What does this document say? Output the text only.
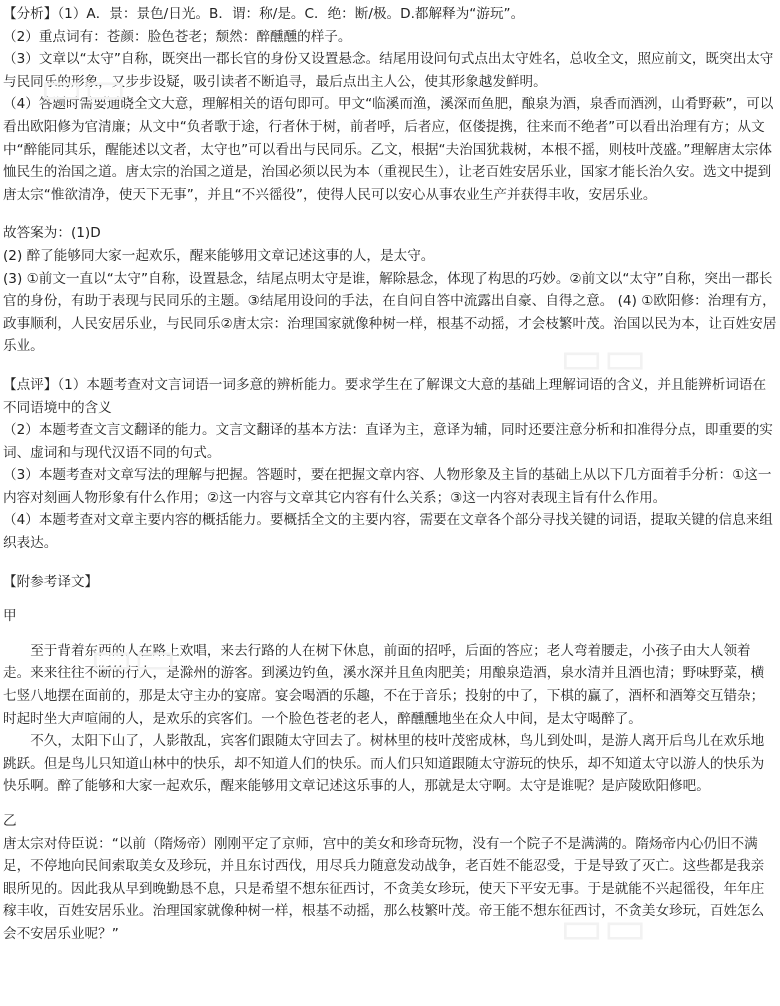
▭▭
▭▭
▭▭
▭▭

【分析】（1）A．景：景色/日光。B．谓：称/是。C．绝：断/极。D.都解释为“游玩”。

（2）重点词有：苍颜：脸色苍老；颓然：醉醺醺的样子。

（3）文章以“太守”自称，既突出一郡长官的身份又设置悬念。结尾用设问句式点出太守姓名，总收全文，照应前文，既突出太守与民同乐的形象，又步步设疑，吸引读者不断追寻，最后点出主人公，使其形象越发鲜明。

（4）答题时需要通晓全文大意，理解相关的语句即可。甲文“临溪而渔，溪深而鱼肥，酿泉为酒，泉香而酒洌，山肴野蔌”，可以看出欧阳修为官清廉；从文中“负者歌于途，行者休于树，前者呼，后者应，伛偻提携，往来而不绝者”可以看出治理有方；从文中“醉能同其乐，醒能述以文者，太守也”可以看出与民同乐。乙文，根据“夫治国犹栽树，本根不摇，则枝叶茂盛。”理解唐太宗体恤民生的治国之道。唐太宗的治国之道是，治国必须以民为本（重视民生），让老百姓安居乐业，国家才能长治久安。选文中提到唐太宗“惟欲清净，使天下无事”，并且“不兴徭役”，使得人民可以安心从事农业生产并获得丰收，安居乐业。

故答案为：(1)D

(2) 醉了能够同大家一起欢乐，醒来能够用文章记述这事的人，是太守。

(3) ①前文一直以“太守”自称，设置悬念，结尾点明太守是谁，解除悬念，体现了构思的巧妙。②前文以“太守”自称，突出一郡长官的身份，有助于表现与民同乐的主题。③结尾用设问的手法，在自问自答中流露出自豪、自得之意。 (4) ①欧阳修：治理有方，政事顺利，人民安居乐业，与民同乐②唐太宗：治理国家就像种树一样，根基不动摇，才会枝繁叶茂。治国以民为本，让百姓安居乐业。

【点评】（1）本题考查对文言词语一词多意的辨析能力。要求学生在了解课文大意的基础上理解词语的含义，并且能辨析词语在不同语境中的含义

（2）本题考查文言文翻译的能力。文言文翻译的基本方法：直译为主，意译为辅，同时还要注意分析和扣准得分点，即重要的实词、虚词和与现代汉语不同的句式。

（3）本题考查对文章写法的理解与把握。答题时，要在把握文章内容、人物形象及主旨的基础上从以下几方面着手分析：①这一内容对刻画人物形象有什么作用；②这一内容与文章其它内容有什么关系；③这一内容对表现主旨有什么作用。

（4）本题考查对文章主要内容的概括能力。要概括全文的主要内容，需要在文章各个部分寻找关键的词语，提取关键的信息来组织表达。

【附参考译文】

甲

至于背着东西的人在路上欢唱，来去行路的人在树下休息，前面的招呼，后面的答应；老人弯着腰走，小孩子由大人领着走。来来往往不断的行人，是滁州的游客。到溪边钓鱼，溪水深并且鱼肉肥美；用酿泉造酒，泉水清并且酒也清；野味野菜，横七竖八地摆在面前的，那是太守主办的宴席。宴会喝酒的乐趣，不在于音乐；投射的中了，下棋的赢了，酒杯和酒筹交互错杂；时起时坐大声喧闹的人，是欢乐的宾客们。一个脸色苍老的老人，醉醺醺地坐在众人中间，是太守喝醉了。

不久，太阳下山了，人影散乱，宾客们跟随太守回去了。树林里的枝叶茂密成林，鸟儿到处叫，是游人离开后鸟儿在欢乐地跳跃。但是鸟儿只知道山林中的快乐，却不知道人们的快乐。而人们只知道跟随太守游玩的快乐，却不知道太守以游人的快乐为快乐啊。醉了能够和大家一起欢乐，醒来能够用文章记述这乐事的人，那就是太守啊。太守是谁呢？是庐陵欧阳修吧。

乙

唐太宗对侍臣说：“以前（隋炀帝）刚刚平定了京师，宫中的美女和珍奇玩物，没有一个院子不是满满的。隋炀帝内心仍旧不满足，不停地向民间索取美女及珍玩，并且东讨西伐，用尽兵力随意发动战争，老百姓不能忍受，于是导致了灭亡。这些都是我亲眼所见的。因此我从早到晚勤恳不息，只是希望不想东征西讨，不贪美女珍玩，使天下平安无事。于是就能不兴起徭役，年年庄稼丰收，百姓安居乐业。治理国家就像种树一样，根基不动摇，那么枝繁叶茂。帝王能不想东征西讨，不贪美女珍玩，百姓怎么会不安居乐业呢？”
